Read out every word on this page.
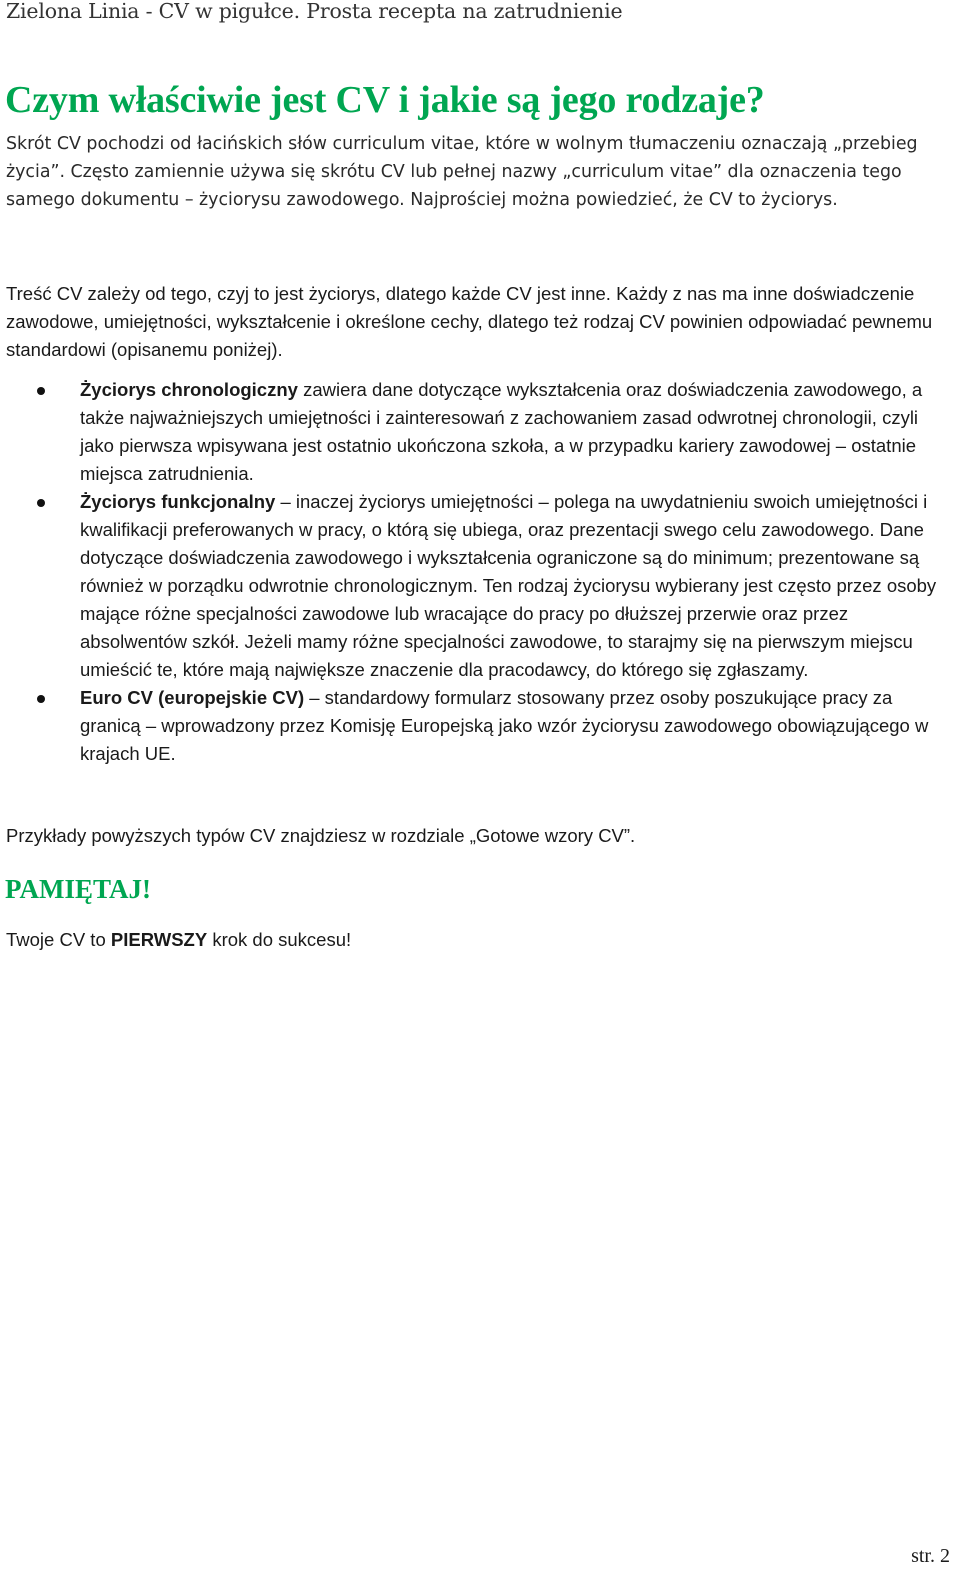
Zielona Linia - CV w pigułce. Prosta recepta na zatrudnienie
Czym właściwie jest CV i jakie są jego rodzaje?
Skrót CV pochodzi od łacińskich słów curriculum vitae, które w wolnym tłumaczeniu oznaczają „przebieg życia”. Często zamiennie używa się skrótu CV lub pełnej nazwy „curriculum vitae” dla oznaczenia tego samego dokumentu – życiorysu zawodowego. Najprościej można powiedzieć, że CV to życiorys.
Treść CV zależy od tego, czyj to jest życiorys, dlatego każde CV jest inne. Każdy z nas ma inne doświadczenie zawodowe, umiejętności, wykształcenie i określone cechy, dlatego też rodzaj CV powinien odpowiadać pewnemu standardowi (opisanemu poniżej).
Życiorys chronologiczny zawiera dane dotyczące wykształcenia oraz doświadczenia zawodowego, a także najważniejszych umiejętności i zainteresowań z zachowaniem zasad odwrotnej chronologii, czyli jako pierwsza wpisywana jest ostatnio ukończona szkoła, a w przypadku kariery zawodowej – ostatnie miejsca zatrudnienia.
Życiorys funkcjonalny – inaczej życiorys umiejętności – polega na uwydatnieniu swoich umiejętności i kwalifikacji preferowanych w pracy, o którą się ubiega, oraz prezentacji swego celu zawodowego. Dane dotyczące doświadczenia zawodowego i wykształcenia ograniczone są do minimum; prezentowane są również w porządku odwrotnie chronologicznym. Ten rodzaj życiorysu wybierany jest często przez osoby mające różne specjalności zawodowe lub wracające do pracy po dłuższej przerwie oraz przez absolwentów szkół. Jeżeli mamy różne specjalności zawodowe, to starajmy się na pierwszym miejscu umieścić te, które mają największe znaczenie dla pracodawcy, do którego się zgłaszamy.
Euro CV (europejskie CV) – standardowy formularz stosowany przez osoby poszukujące pracy za granicą – wprowadzony przez Komisję Europejską jako wzór życiorysu zawodowego obowiązującego w krajach UE.
Przykłady powyższych typów CV znajdziesz w rozdziale „Gotowe wzory CV”.
PAMIĘTAJ!
Twoje CV to PIERWSZY krok do sukcesu!
str. 2
